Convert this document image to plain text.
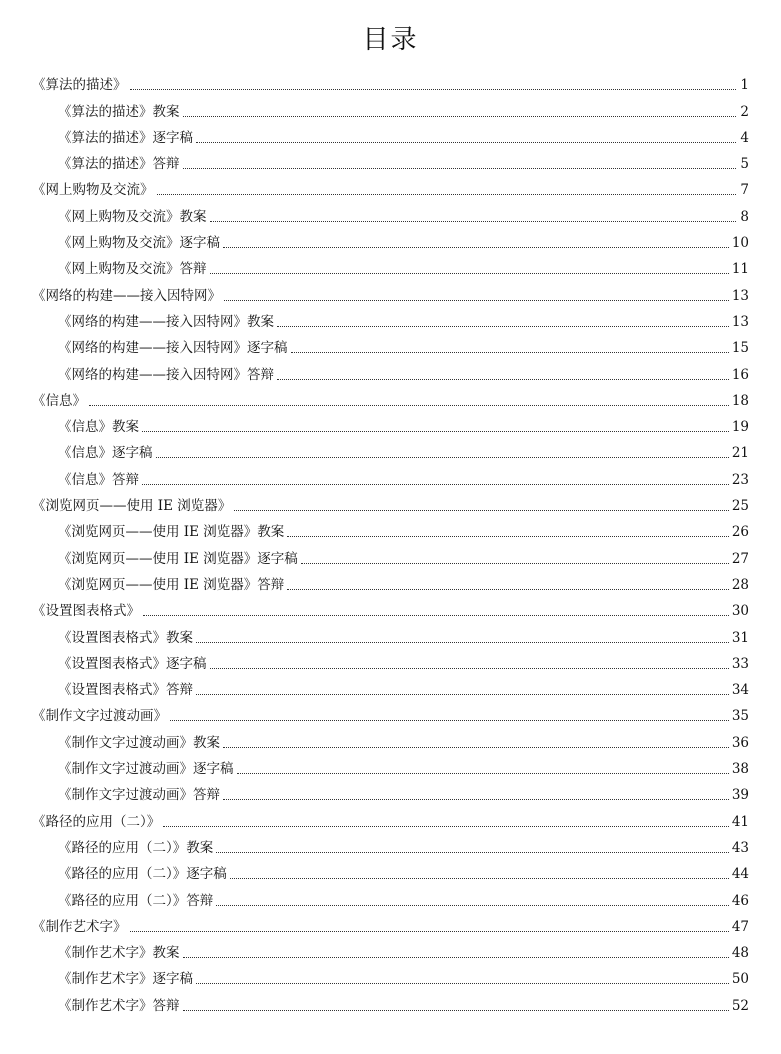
目录
《算法的描述》	1
《算法的描述》教案	2
《算法的描述》逐字稿	4
《算法的描述》答辩	5
《网上购物及交流》	7
《网上购物及交流》教案	8
《网上购物及交流》逐字稿	10
《网上购物及交流》答辩	11
《网络的构建——接入因特网》	13
《网络的构建——接入因特网》教案	13
《网络的构建——接入因特网》逐字稿	15
《网络的构建——接入因特网》答辩	16
《信息》	18
《信息》教案	19
《信息》逐字稿	21
《信息》答辩	23
《浏览网页——使用 IE 浏览器》	25
《浏览网页——使用 IE 浏览器》教案	26
《浏览网页——使用 IE 浏览器》逐字稿	27
《浏览网页——使用 IE 浏览器》答辩	28
《设置图表格式》	30
《设置图表格式》教案	31
《设置图表格式》逐字稿	33
《设置图表格式》答辩	34
《制作文字过渡动画》	35
《制作文字过渡动画》教案	36
《制作文字过渡动画》逐字稿	38
《制作文字过渡动画》答辩	39
《路径的应用（二）》	41
《路径的应用（二）》教案	43
《路径的应用（二）》逐字稿	44
《路径的应用（二）》答辩	46
《制作艺术字》	47
《制作艺术字》教案	48
《制作艺术字》逐字稿	50
《制作艺术字》答辩	52
